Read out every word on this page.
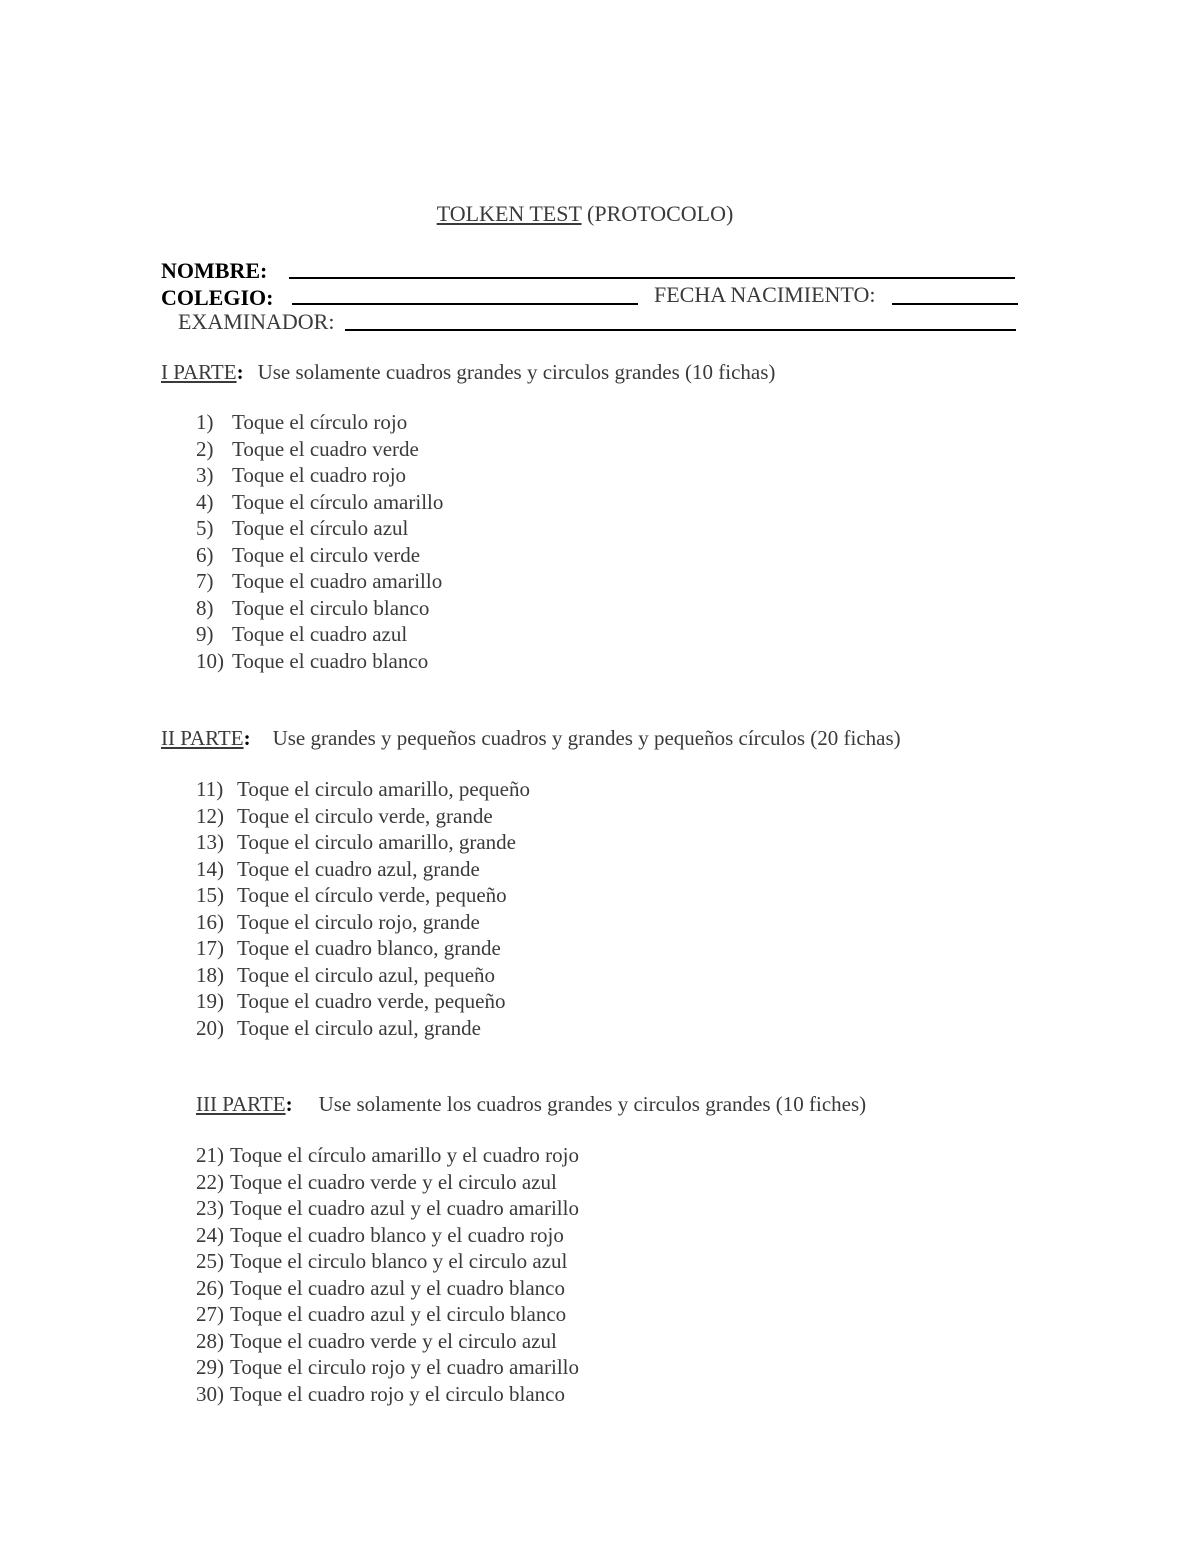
TOLKEN TEST (PROTOCOLO)
NOMBRE:
COLEGIO:	FECHA NACIMIENTO:
EXAMINADOR:
I PARTE: Use solamente cuadros grandes y circulos grandes (10 fichas)
1) Toque el círculo rojo
2) Toque el cuadro verde
3) Toque el cuadro rojo
4) Toque el círculo amarillo
5) Toque el círculo azul
6) Toque el circulo verde
7) Toque el cuadro amarillo
8) Toque el circulo blanco
9) Toque el cuadro azul
10) Toque el cuadro blanco
II PARTE: Use grandes y pequeños cuadros y grandes y pequeños círculos (20 fichas)
11) Toque el circulo amarillo, pequeño
12) Toque el circulo verde, grande
13) Toque el circulo amarillo, grande
14) Toque el cuadro azul, grande
15) Toque el círculo verde, pequeño
16) Toque el circulo rojo, grande
17) Toque el cuadro blanco, grande
18) Toque el circulo azul, pequeño
19) Toque el cuadro verde, pequeño
20) Toque el circulo azul, grande
III PARTE: Use solamente los cuadros grandes y circulos grandes (10 fiches)
21) Toque el círculo amarillo y el cuadro rojo
22) Toque el cuadro verde y el circulo azul
23) Toque el cuadro azul y el cuadro amarillo
24) Toque el cuadro blanco y el cuadro rojo
25) Toque el circulo blanco y el circulo azul
26) Toque el cuadro azul y el cuadro blanco
27) Toque el cuadro azul y el circulo blanco
28) Toque el cuadro verde y el circulo azul
29) Toque el circulo rojo y el cuadro amarillo
30) Toque el cuadro rojo y el circulo blanco
